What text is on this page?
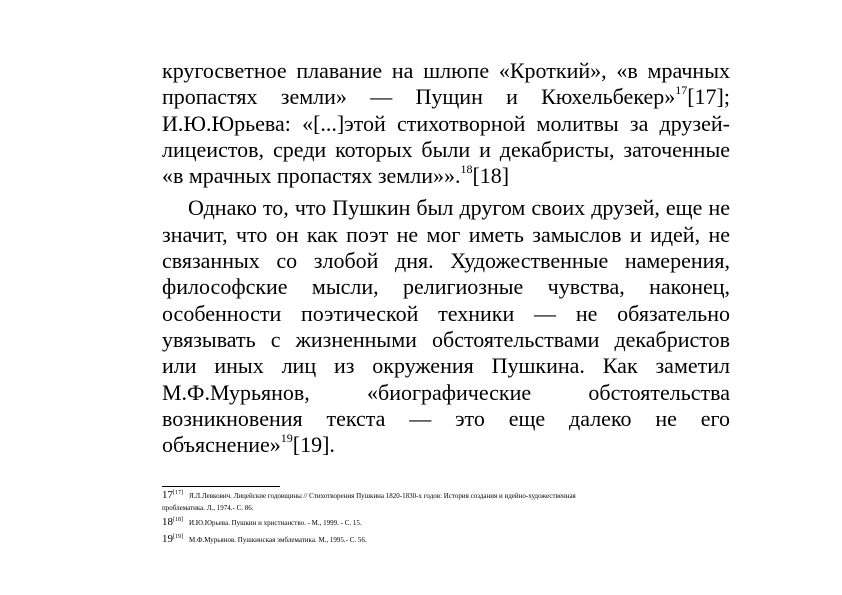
кругосветное плавание на шлюпе «Кроткий», «в мрачных пропастях земли» — Пущин и Кюхельбекер»$^{17}$[17]; И.Ю.Юрьева: «[...]этой стихотворной молитвы за друзей-лицеистов, среди которых были и декабристы, заточенные «в мрачных пропастях земли»».$^{18}$[18]

Однако то, что Пушкин был другом своих друзей, еще не значит, что он как поэт не мог иметь замыслов и идей, не связанных со злобой дня. Художественные намерения, философские мысли, религиозные чувства, наконец, особенности поэтической техники — не обязательно увязывать с жизненными обстоятельствами декабристов или иных лиц из окружения Пушкина. Как заметил М.Ф.Мурьянов, «биографические обстоятельства возникновения текста — это еще далеко не его объяснение»$^{19}$[19].

17[17] Я.Л.Левкович. Лицейские годовщины // Стихотворения Пушкина 1820-1830-х годов: История создания и идейно-художественная
проблематика. Л., 1974.- С. 86.
18[18] И.Ю.Юрьева. Пушкин и христианство. - М., 1999. - С. 15.
19[19] М.Ф.Мурьянов. Пушкинская эмблематика. М., 1995.- С. 56.
